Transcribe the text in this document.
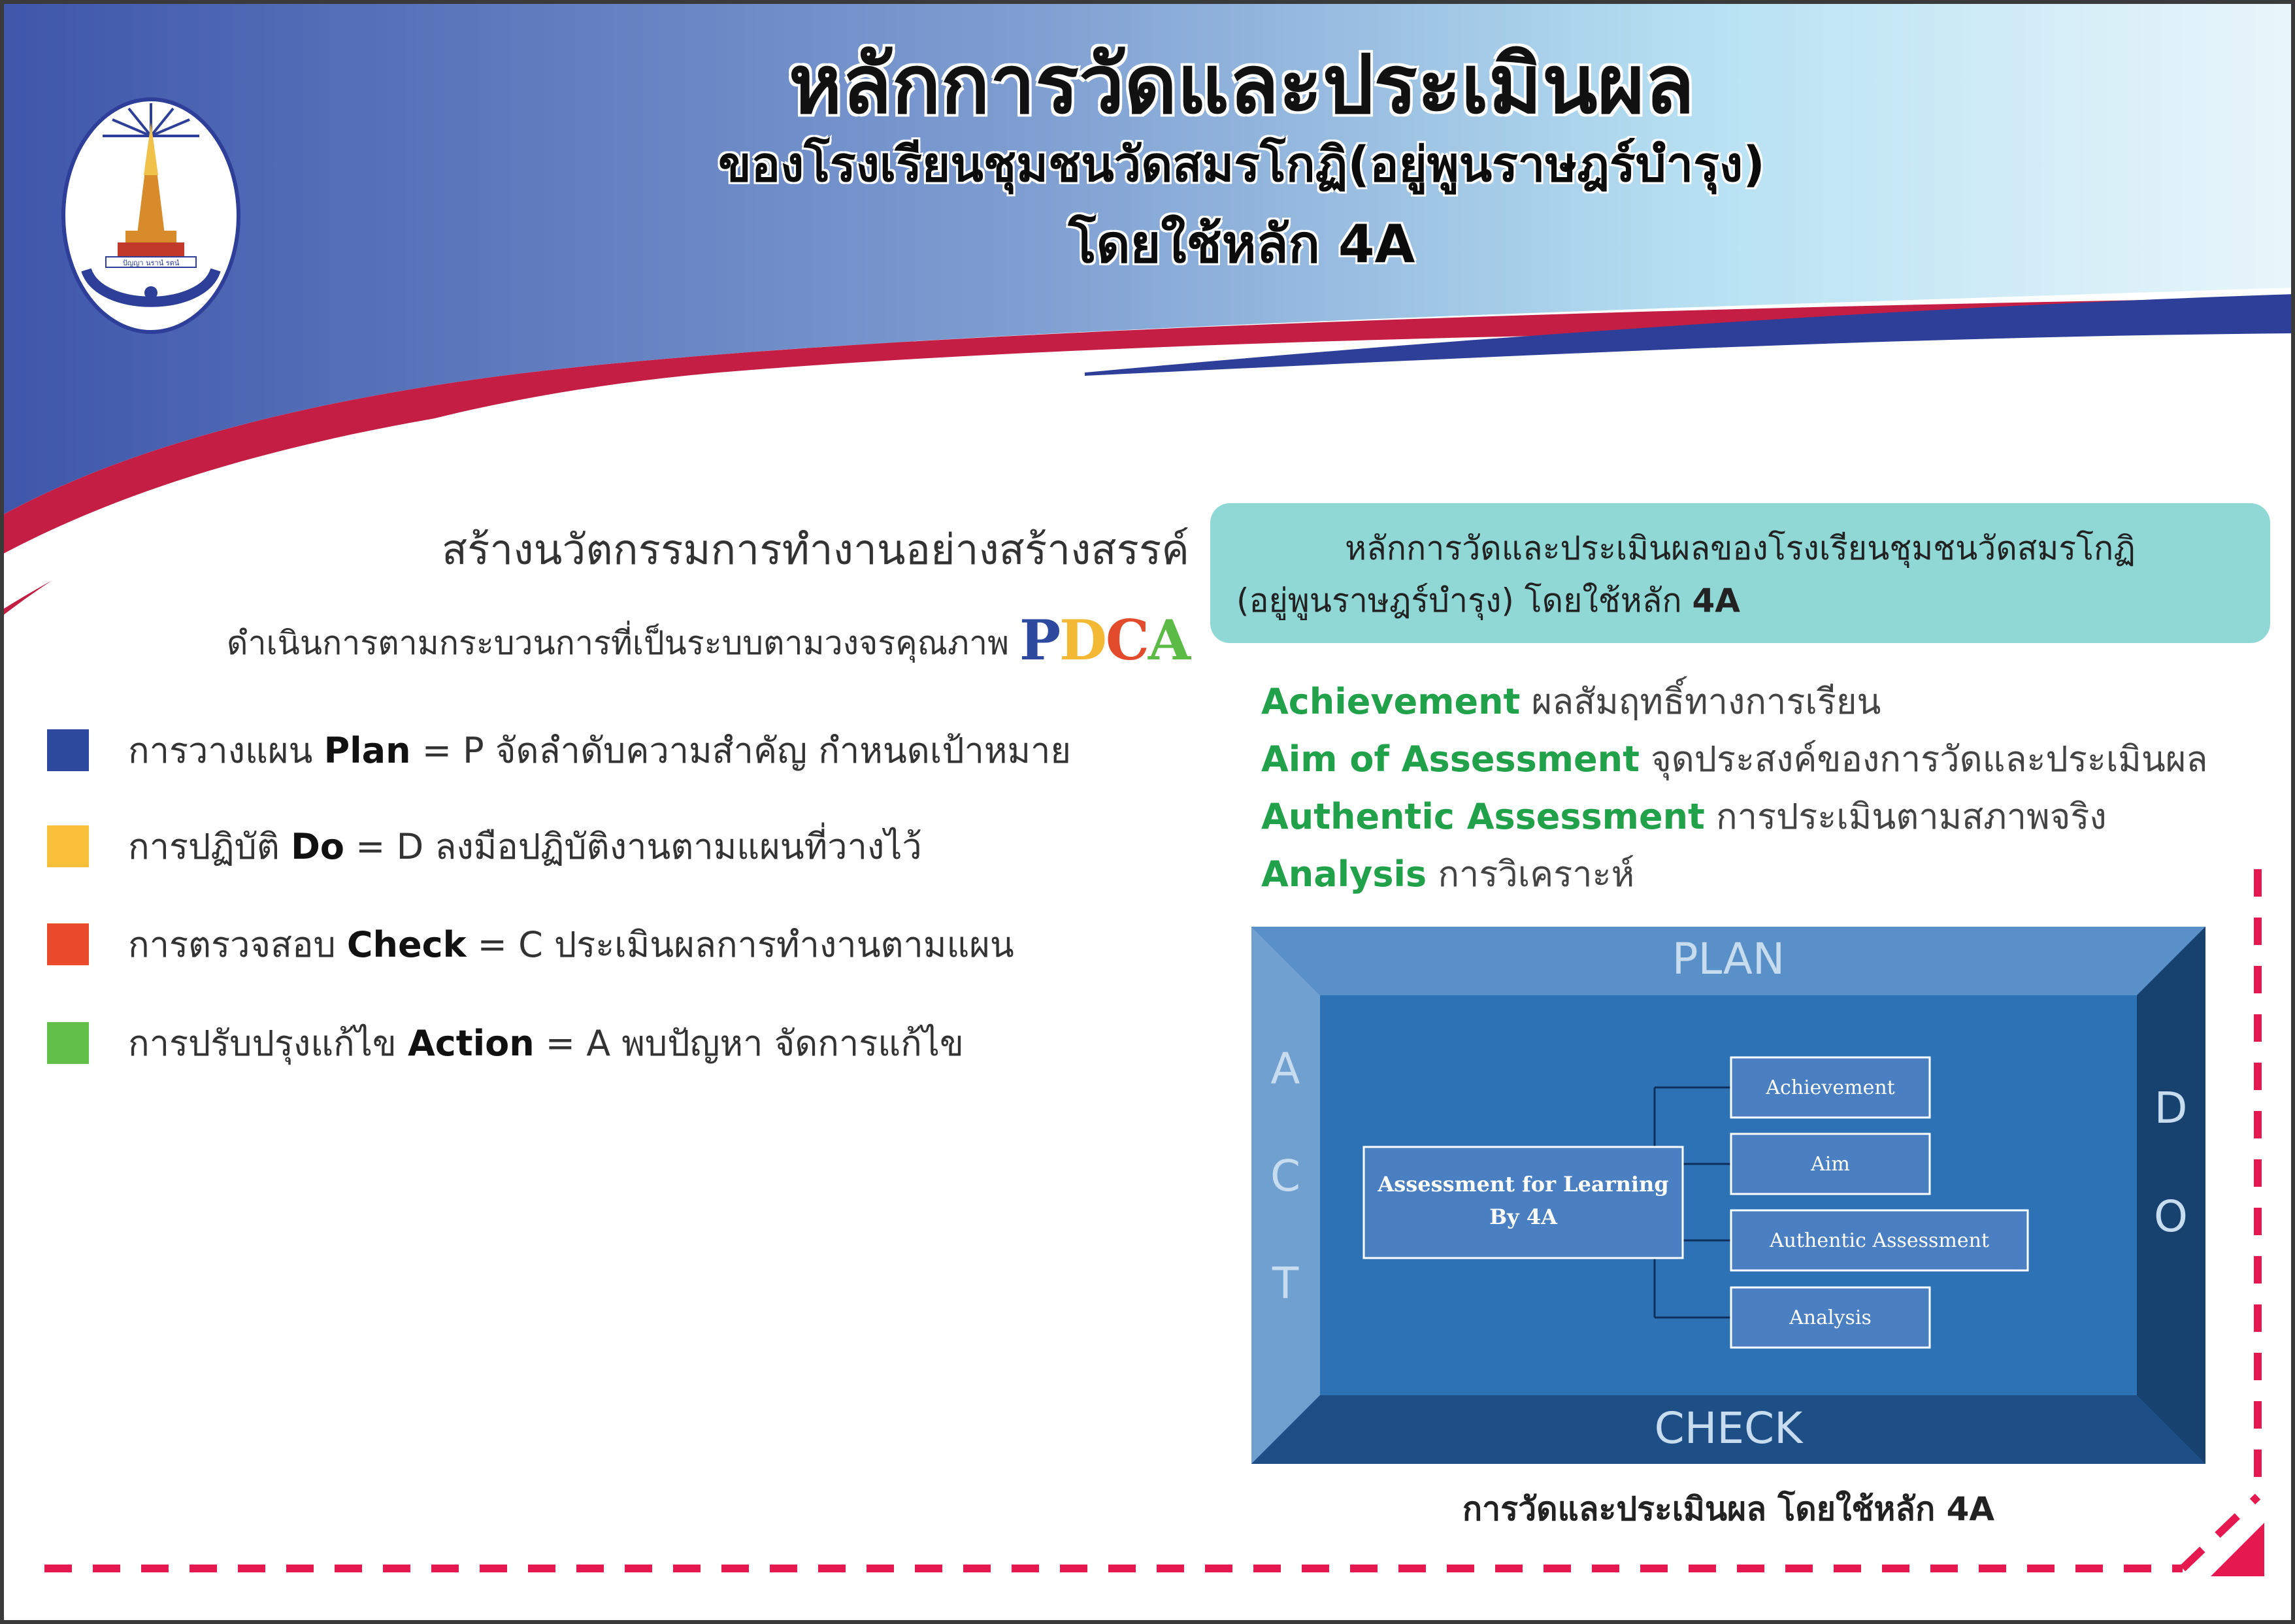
ปัญญา นรานํ รตนํ
หลักการวัดและประเมินผล
ของโรงเรียนชุมชนวัดสมรโกฏิ(อยู่พูนราษฎร์บำรุง)
โดยใช้หลัก 4A
สร้างนวัตกรรมการทำงานอย่างสร้างสรรค์
ดำเนินการตามกระบวนการที่เป็นระบบตามวงจรคุณภาพ PDCA
การวางแผน Plan = P จัดลำดับความสำคัญ กำหนดเป้าหมาย
การปฏิบัติ Do = D ลงมือปฏิบัติงานตามแผนที่วางไว้
การตรวจสอบ Check = C ประเมินผลการทำงานตามแผน
การปรับปรุงแก้ไข Action = A พบปัญหา จัดการแก้ไข
หลักการวัดและประเมินผลของโรงเรียนชุมชนวัดสมรโกฏิ
(อยู่พูนราษฎร์บำรุง) โดยใช้หลัก 4A
Achievement ผลสัมฤทธิ์ทางการเรียน
Aim of Assessment จุดประสงค์ของการวัดและประเมินผล
Authentic Assessment การประเมินตามสภาพจริง
Analysis การวิเคราะห์
PLAN
CHECK
A
C
T
D
O
Assessment for Learning
By 4A
Achievement
Aim
Authentic Assessment
Analysis
การวัดและประเมินผล โดยใช้หลัก 4A
